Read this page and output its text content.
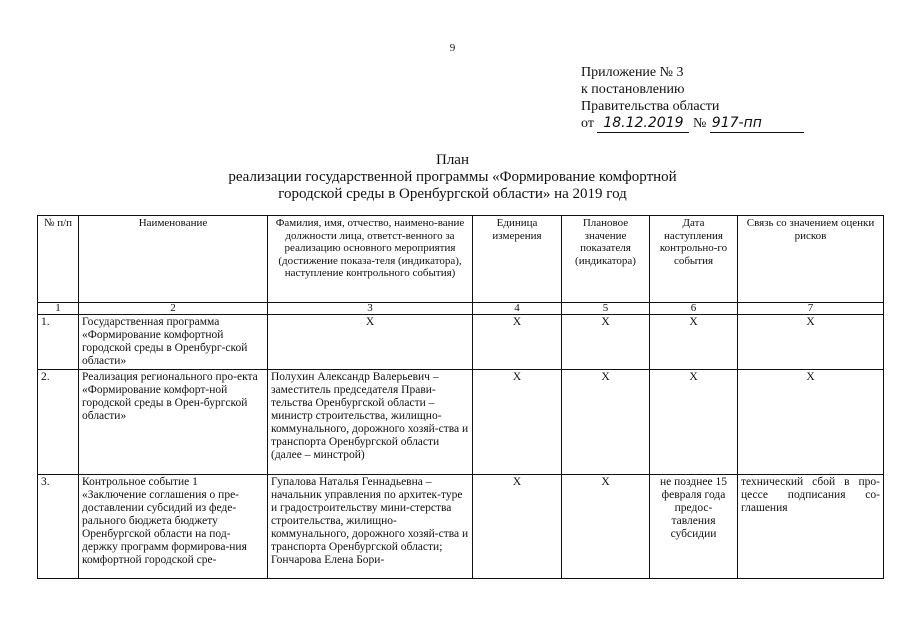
9
Приложение № 3
к постановлению
Правительства области
от 18.12.2019 № 917-пп
План
реализации государственной программы «Формирование комфортной
городской среды в Оренбургской области» на 2019 год
№ п/п	Наименование	Фамилия, имя, отчество, наимено-вание должности лица, ответст-венного за реализацию основного мероприятия (достижение показа-теля (индикатора), наступление контрольного события)	Единица измерения	Плановое значение показателя (индикатора)	Дата наступления контрольно-го события	Связь со значением оценки рисков
1	2	3	4	5	6	7
1.	Государственная программа «Формирование комфортной городской среды в Оренбург-ской области»	Х	Х	Х	Х	Х
2.	Реализация регионального про-екта «Формирование комфорт-ной городской среды в Орен-бургской области»	Полухин Александр Валерьевич – заместитель председателя Прави-тельства Оренбургской области – министр строительства, жилищно-коммунального, дорожного хозяй-ства и транспорта Оренбургской области (далее – минстрой)	Х	Х	Х	Х
3.	Контрольное событие 1 «Заключение соглашения о пре-доставлении субсидий из феде-рального бюджета бюджету Оренбургской области на под-держку программ формирова-ния комфортной городской сре-	Гупалова Наталья Геннадьевна – начальник управления по архитек-туре и градостроительству мини-стерства строительства, жилищно-коммунального, дорожного хозяй-ства и транспорта Оренбургской области; Гончарова Елена Бори-	Х	Х	не позднее 15 февраля года предос-тавления субсидии	технический сбой в про-цессе подписания со-глашения
